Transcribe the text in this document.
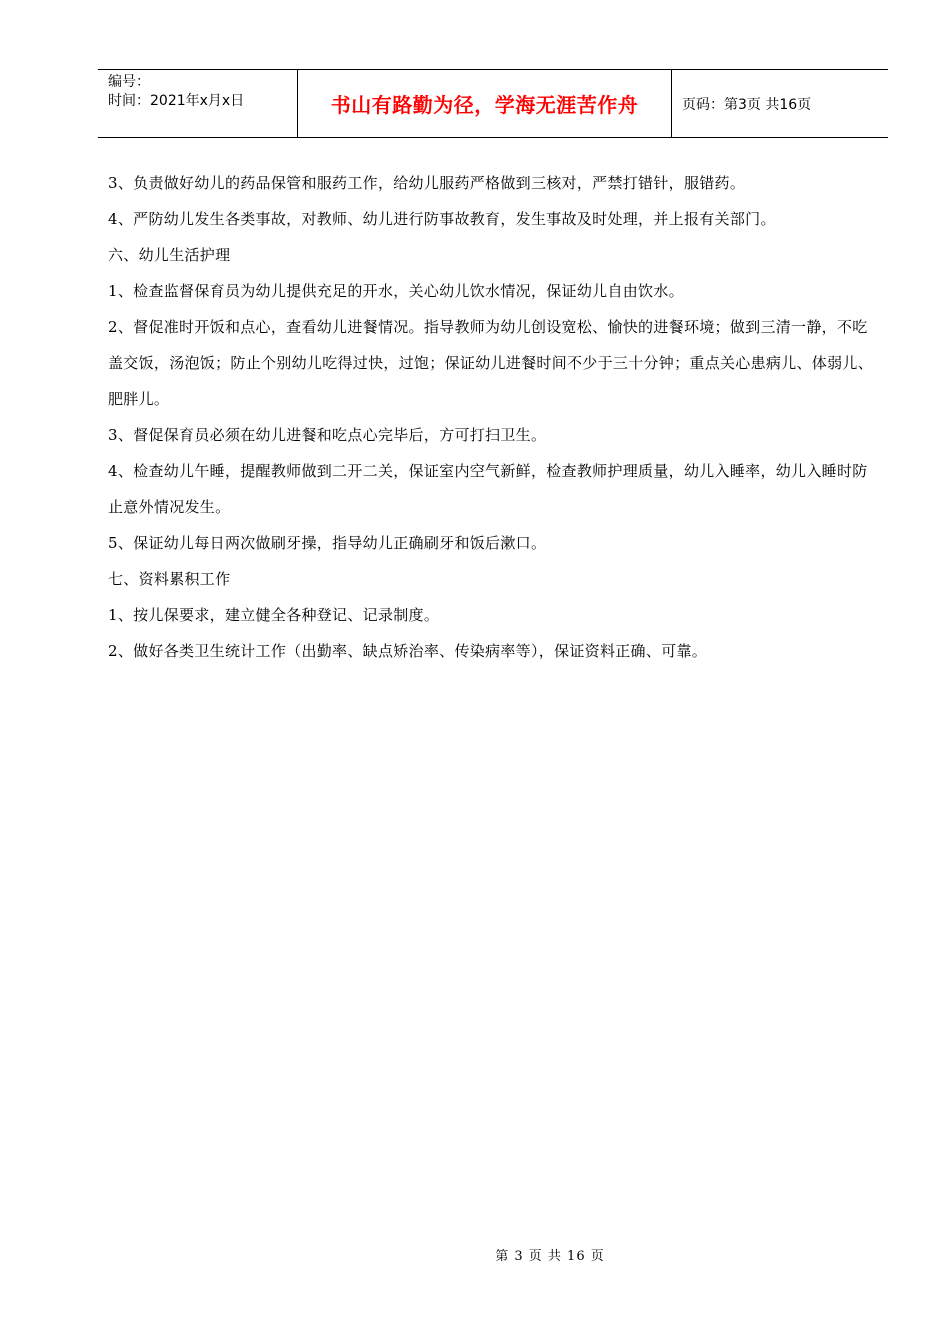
编号：
时间：2021年x月x日	书山有路勤为径，学海无涯苦作舟	页码：第3页 共16页

3、负责做好幼儿的药品保管和服药工作，给幼儿服药严格做到三核对，严禁打错针，服错药。

4、严防幼儿发生各类事故，对教师、幼儿进行防事故教育，发生事故及时处理，并上报有关部门。

六、幼儿生活护理

1、检查监督保育员为幼儿提供充足的开水，关心幼儿饮水情况，保证幼儿自由饮水。

2、督促准时开饭和点心，查看幼儿进餐情况。指导教师为幼儿创设宽松、愉快的进餐环境；做到三清一静，不吃盖交饭，汤泡饭；防止个别幼儿吃得过快，过饱；保证幼儿进餐时间不少于三十分钟；重点关心患病儿、体弱儿、肥胖儿。

3、督促保育员必须在幼儿进餐和吃点心完毕后，方可打扫卫生。

4、检查幼儿午睡，提醒教师做到二开二关，保证室内空气新鲜，检查教师护理质量，幼儿入睡率，幼儿入睡时防止意外情况发生。

5、保证幼儿每日两次做刷牙操，指导幼儿正确刷牙和饭后漱口。

七、资料累积工作

1、按儿保要求，建立健全各种登记、记录制度。

2、做好各类卫生统计工作（出勤率、缺点矫治率、传染病率等），保证资料正确、可靠。

第 3 页 共 16 页
